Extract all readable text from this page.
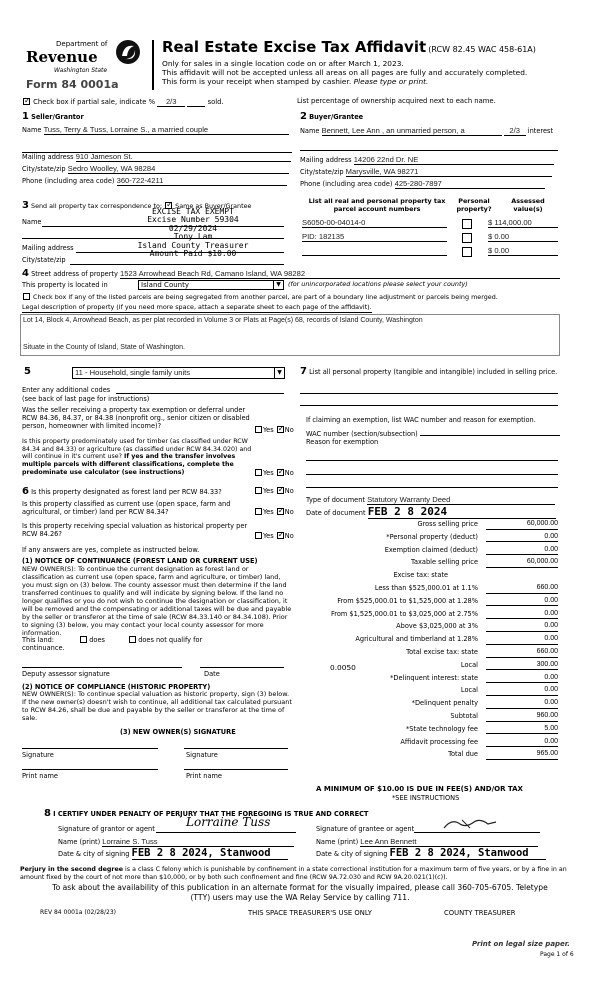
Department of
Revenue
Washington State
Form 84 0001a
Real Estate Excise Tax Affidavit (RCW 82.45 WAC 458-61A)
Only for sales in a single location code on or after March 1, 2023.
This affidavit will not be accepted unless all areas on all pages are fully and accurately completed.
This form is your receipt when stamped by cashier. Please type or print.
✓ Check box if partial sale, indicate % 2/3	sold.	List percentage of ownership acquired next to each name.
1 Seller/Grantor
Name Tuss, Terry & Tuss, Lorraine S., a married couple
Mailing address 910 Jameson St.
City/state/zip Sedro Woolley, WA 98284
Phone (including area code) 360-722-4211
2 Buyer/Grantee
Name Bennett, Lee Ann , an unmarried person, a	2/3 interest
Mailing address 14206 22nd Dr. NE
City/state/zip Marysville, WA 98271
Phone (including area code) 425-280-7897
3 Send all property tax correspondence to: ✓ Same as Buyer/Grantee
Name
Mailing address
City/state/zip
EXCISE TAX EXEMPT
Excise Number 59304
02/29/2024
Tony Lam
Island County Treasurer
Amount Paid $10.00
List all real and personal property tax parcel account numbers
Personal property?
Assessed value(s)
S6050-00-04014-0	$ 114,000.00
PID: 182135	$ 0.00
$ 0.00
4 Street address of property 1523 Arrowhead Beach Rd, Camano Island, WA 98282
This property is located in	Island County	▼	(for unincorporated locations please select your county)
Check box if any of the listed parcels are being segregated from another parcel, are part of a boundary line adjustment or parcels being merged.
Legal description of property (if you need more space, attach a separate sheet to each page of the affidavit).
Lot 14, Block 4, Arrowhead Beach, as per plat recorded in Volume 3 or Plats at Page(s) 68, records of Island County, Washington
Situate in the County of Island, State of Washington.
5	11 - Household, single family units	▼
Enter any additional codes
(see back of last page for instructions)
Was the seller receiving a property tax exemption or deferral under RCW 84.36, 84.37, or 84.38 (nonprofit org., senior citizen or disabled person, homeowner with limited income)?	Yes ✓ No
Is this property predominately used for timber (as classified under RCW 84.34 and 84.33) or agriculture (as classified under RCW 84.34.020) and will continue in it's current use? If yes and the transfer involves multiple parcels with different classifications, complete the predominate use calculator (see instructions)	Yes ✓ No
6 Is this property designated as forest land per RCW 84.33?	Yes ✓ No
Is this property classified as current use (open space, farm and agricultural, or timber) land per RCW 84.34?	Yes ✓ No
Is this property receiving special valuation as historical property per RCW 84.26?	Yes ✓ No
If any answers are yes, complete as instructed below.
(1) NOTICE OF CONTINUANCE (FOREST LAND OR CURRENT USE)
NEW OWNER(S): To continue the current designation as forest land or classification as current use (open space, farm and agriculture, or timber) land, you must sign on (3) below. The county assessor must then determine if the land transferred continues to qualify and will indicate by signing below. If the land no longer qualifies or you do not wish to continue the designation or classification, it will be removed and the compensating or additional taxes will be due and payable by the seller or transferor at the time of sale (RCW 84.33.140 or 84.34.108). Prior to signing (3) below, you may contact your local county assessor for more information.
This land:	does	does not qualify for
continuance.
Deputy assessor signature	Date
(2) NOTICE OF COMPLIANCE (HISTORIC PROPERTY)
NEW OWNER(S): To continue special valuation as historic property, sign (3) below. If the new owner(s) doesn't wish to continue, all additional tax calculated pursuant to RCW 84.26, shall be due and payable by the seller or transferor at the time of sale.
(3) NEW OWNER(S) SIGNATURE
Signature	Signature
Print name	Print name
7 List all personal property (tangible and intangible) included in selling price.
If claiming an exemption, list WAC number and reason for exemption.
WAC number (section/subsection)
Reason for exemption
Type of document Statutory Warranty Deed
Date of document FEB 2 8 2024
Gross selling price	60,000.00
*Personal property (deduct)	0.00
Exemption claimed (deduct)	0.00
Taxable selling price	60,000.00
Excise tax: state
Less than $525,000.01 at 1.1%	660.00
From $525,000.01 to $1,525,000 at 1.28%	0.00
From $1,525,000.01 to $3,025,000 at 2.75%	0.00
Above $3,025,000 at 3%	0.00
Agricultural and timberland at 1.28%	0.00
Total excise tax: state	660.00
Local
0.0050	300.00
*Delinquent interest: state	0.00
Local	0.00
*Delinquent penalty	0.00
Subtotal	960.00
*State technology fee	5.00
Affidavit processing fee	0.00
Total due	965.00
A MINIMUM OF $10.00 IS DUE IN FEE(S) AND/OR TAX
*SEE INSTRUCTIONS
8 I CERTIFY UNDER PENALTY OF PERJURY THAT THE FOREGOING IS TRUE AND CORRECT
Signature of grantor or agent	Lorraine Tuss	Signature of grantee or agent
Name (print) Lorraine S. Tuss	Name (print) Lee Ann Bennett
Date & city of signing FEB 2 8 2024, Stanwood	Date & city of signing FEB 2 8 2024, Stanwood
Perjury in the second degree is a class C felony which is punishable by confinement in a state correctional institution for a maximum term of five years, or by a fine in an amount fixed by the court of not more than $10,000, or by both such confinement and fine (RCW 9A.72.030 and RCW 9A.20.021(1)(c)).
To ask about the availability of this publication in an alternate format for the visually impaired, please call 360-705-6705. Teletype
(TTY) users may use the WA Relay Service by calling 711.
REV 84 0001a (02/28/23)	THIS SPACE TREASURER'S USE ONLY	COUNTY TREASURER
Print on legal size paper.
Page 1 of 6
